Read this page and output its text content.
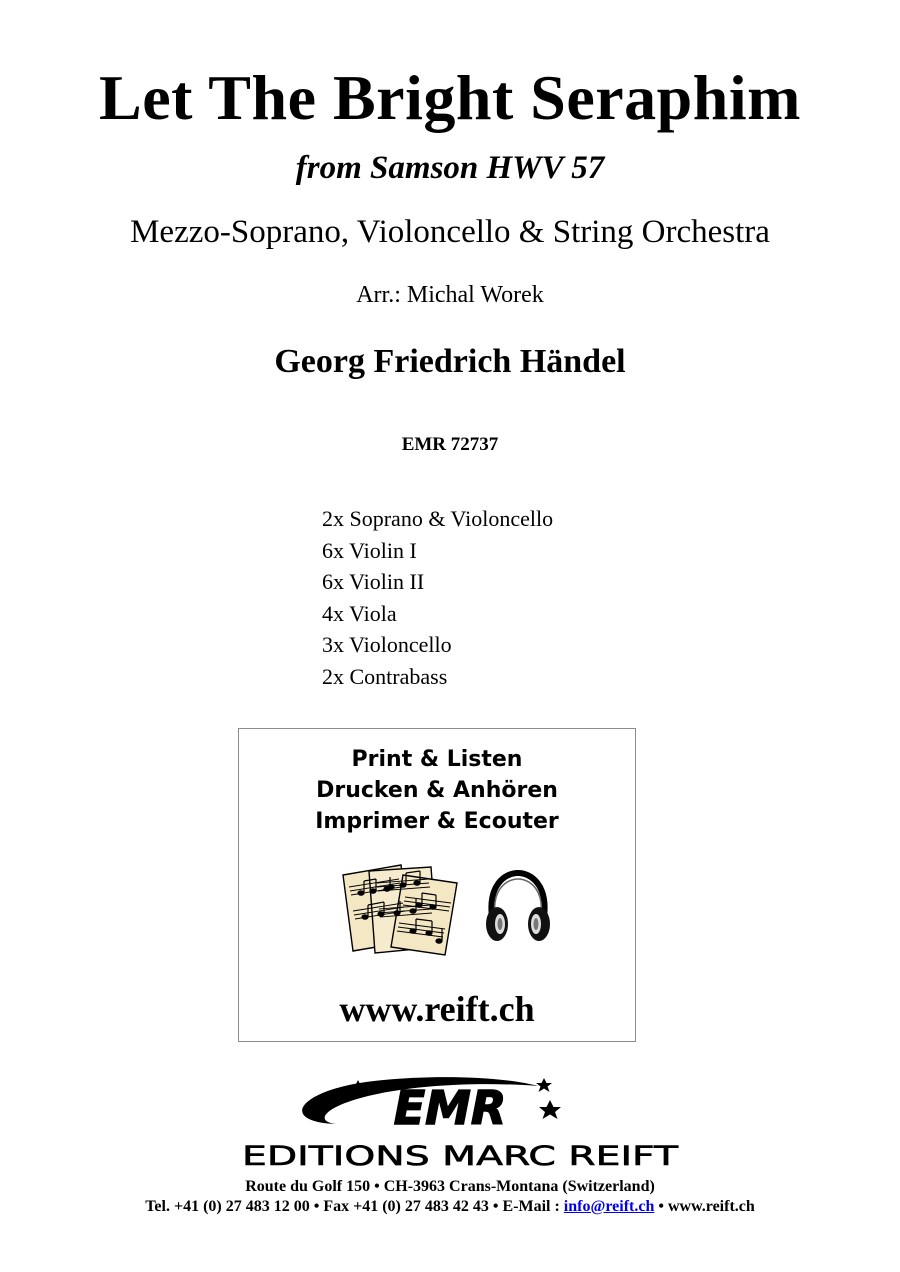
Let The Bright Seraphim
from Samson HWV 57
Mezzo-Soprano, Violoncello & String Orchestra
Arr.: Michal Worek
Georg Friedrich Händel
EMR 72737
2x Soprano & Violoncello
6x Violin I
6x Violin II
4x Viola
3x Violoncello
2x Contrabass
Print & Listen
Drucken & Anhören
Imprimer & Ecouter
www.reift.ch
EMR
EDITIONS MARC REIFT
Route du Golf 150 • CH-3963 Crans-Montana (Switzerland)
Tel. +41 (0) 27 483 12 00 • Fax +41 (0) 27 483 42 43 • E-Mail : info@reift.ch • www.reift.ch
